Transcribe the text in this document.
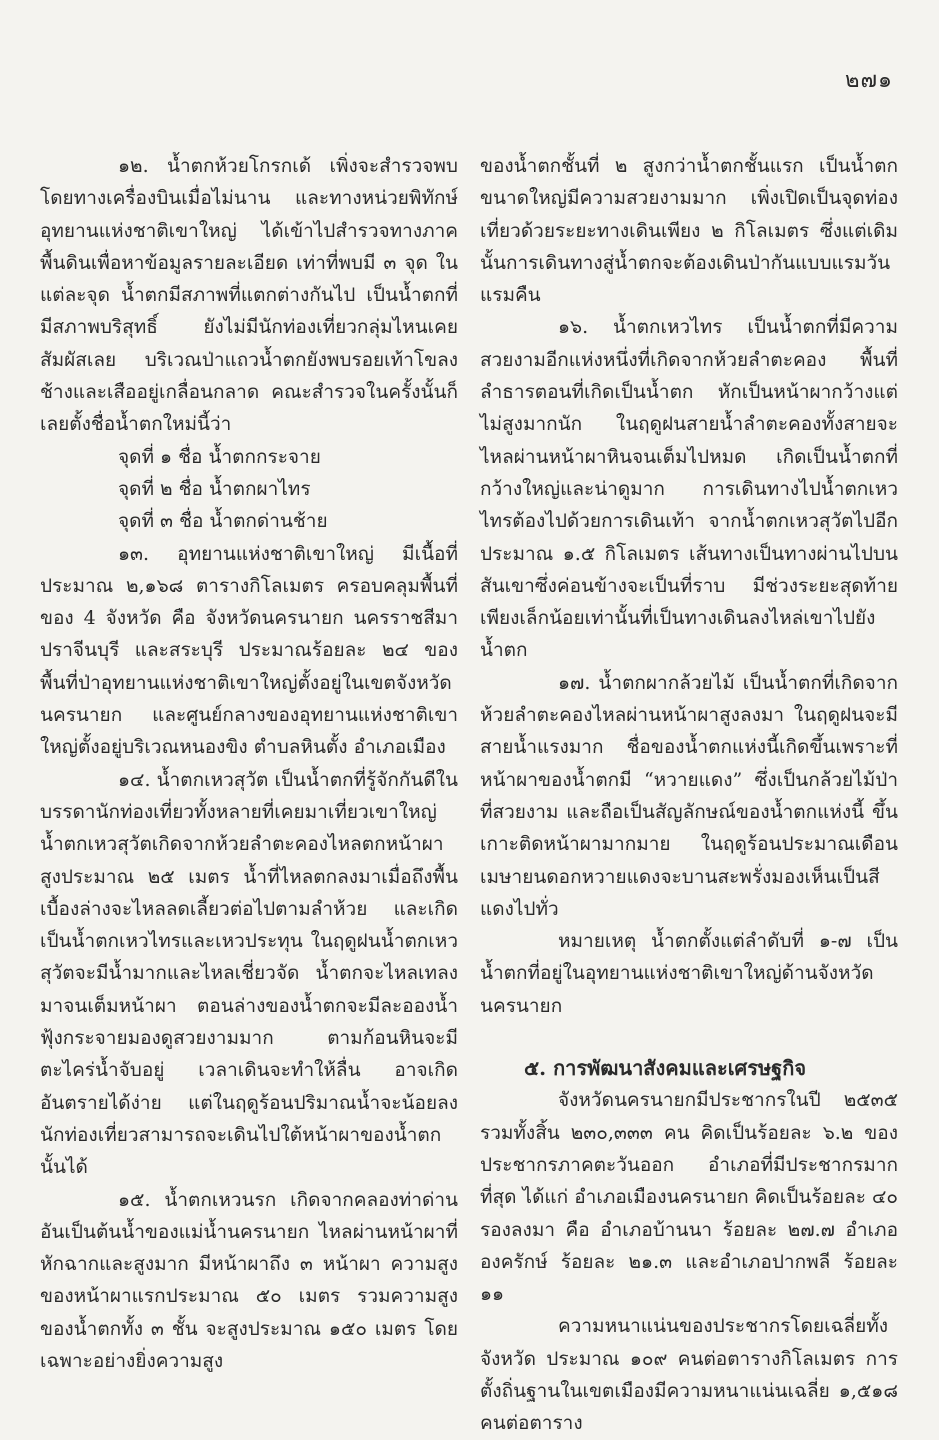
๒๗๑

๑๒. น้ำตกห้วยโกรกเด้ เพิ่งจะสำรวจพบโดยทางเครื่องบินเมื่อไม่นาน และทางหน่วยพิทักษ์อุทยานแห่งชาติเขาใหญ่ ได้เข้าไปสำรวจทางภาคพื้นดินเพื่อหาข้อมูลรายละเอียด เท่าที่พบมี ๓ จุด ในแต่ละจุด น้ำตกมีสภาพที่แตกต่างกันไป เป็นน้ำตกที่มีสภาพบริสุทธิ์ ยังไม่มีนักท่องเที่ยวกลุ่มไหนเคยสัมผัสเลย บริเวณป่าแถวน้ำตกยังพบรอยเท้าโขลงช้างและเสืออยู่เกลื่อนกลาด คณะสำรวจในครั้งนั้นก็เลยตั้งชื่อน้ำตกใหม่นี้ว่า

จุดที่ ๑ ชื่อ น้ำตกกระจาย

จุดที่ ๒ ชื่อ น้ำตกผาไทร

จุดที่ ๓ ชื่อ น้ำตกด่านช้าย

๑๓. อุทยานแห่งชาติเขาใหญ่ มีเนื้อที่ประมาณ ๒,๑๖๘ ตารางกิโลเมตร ครอบคลุมพื้นที่ของ 4 จังหวัด คือ จังหวัดนครนายก นครราชสีมา ปราจีนบุรี และสระบุรี ประมาณร้อยละ ๒๔ ของพื้นที่ป่าอุทยานแห่งชาติเขาใหญ่ตั้งอยู่ในเขตจังหวัดนครนายก และศูนย์กลางของอุทยานแห่งชาติเขาใหญ่ตั้งอยู่บริเวณหนองขิง ตำบลหินตั้ง อำเภอเมือง

๑๔. น้ำตกเหวสุวัต เป็นน้ำตกที่รู้จักกันดีในบรรดานักท่องเที่ยวทั้งหลายที่เคยมาเที่ยวเขาใหญ่ น้ำตกเหวสุวัตเกิดจากห้วยลำตะคองไหลตกหน้าผาสูงประมาณ ๒๕ เมตร น้ำที่ไหลตกลงมาเมื่อถึงพื้นเบื้องล่างจะไหลลดเลี้ยวต่อไปตามลำห้วย และเกิดเป็นน้ำตกเหวไทรและเหวประทุน ในฤดูฝนน้ำตกเหวสุวัตจะมีน้ำมากและไหลเชี่ยวจัด น้ำตกจะไหลเทลงมาจนเต็มหน้าผา ตอนล่างของน้ำตกจะมีละอองน้ำฟุ้งกระจายมองดูสวยงามมาก ตามก้อนหินจะมีตะไคร่น้ำจับอยู่ เวลาเดินจะทำให้ลื่น อาจเกิดอันตรายได้ง่าย แต่ในฤดูร้อนปริมาณน้ำจะน้อยลง นักท่องเที่ยวสามารถจะเดินไปใต้หน้าผาของน้ำตกนั้นได้

๑๕. น้ำตกเหวนรก เกิดจากคลองท่าด่าน อันเป็นต้นน้ำของแม่น้ำนครนายก ไหลผ่านหน้าผาที่หักฉากและสูงมาก มีหน้าผาถึง ๓ หน้าผา ความสูงของหน้าผาแรกประมาณ ๕๐ เมตร รวมความสูงของน้ำตกทั้ง ๓ ชั้น จะสูงประมาณ ๑๕๐ เมตร โดยเฉพาะอย่างยิ่งความสูง

ของน้ำตกชั้นที่ ๒ สูงกว่าน้ำตกชั้นแรก เป็นน้ำตกขนาดใหญ่มีความสวยงามมาก เพิ่งเปิดเป็นจุดท่องเที่ยวด้วยระยะทางเดินเพียง ๒ กิโลเมตร ซึ่งแต่เดิมนั้นการเดินทางสู่น้ำตกจะต้องเดินป่ากันแบบแรมวันแรมคืน

๑๖. น้ำตกเหวไทร เป็นน้ำตกที่มีความสวยงามอีกแห่งหนึ่งที่เกิดจากห้วยลำตะคอง พื้นที่ลำธารตอนที่เกิดเป็นน้ำตก หักเป็นหน้าผากว้างแต่ไม่สูงมากนัก ในฤดูฝนสายน้ำลำตะคองทั้งสายจะไหลผ่านหน้าผาหินจนเต็มไปหมด เกิดเป็นน้ำตกที่กว้างใหญ่และน่าดูมาก การเดินทางไปน้ำตกเหวไทรต้องไปด้วยการเดินเท้า จากน้ำตกเหวสุวัตไปอีกประมาณ ๑.๕ กิโลเมตร เส้นทางเป็นทางผ่านไปบนสันเขาซึ่งค่อนข้างจะเป็นที่ราบ มีช่วงระยะสุดท้ายเพียงเล็กน้อยเท่านั้นที่เป็นทางเดินลงไหล่เขาไปยังน้ำตก

๑๗. น้ำตกผากล้วยไม้ เป็นน้ำตกที่เกิดจากห้วยลำตะคองไหลผ่านหน้าผาสูงลงมา ในฤดูฝนจะมีสายน้ำแรงมาก ชื่อของน้ำตกแห่งนี้เกิดขึ้นเพราะที่หน้าผาของน้ำตกมี “หวายแดง” ซึ่งเป็นกล้วยไม้ป่าที่สวยงาม และถือเป็นสัญลักษณ์ของน้ำตกแห่งนี้ ขึ้นเกาะติดหน้าผามากมาย ในฤดูร้อนประมาณเดือนเมษายนดอกหวายแดงจะบานสะพรั่งมองเห็นเป็นสีแดงไปทั่ว

หมายเหตุ น้ำตกตั้งแต่ลำดับที่ ๑-๗ เป็นน้ำตกที่อยู่ในอุทยานแห่งชาติเขาใหญ่ด้านจังหวัดนครนายก

๕. การพัฒนาสังคมและเศรษฐกิจ

จังหวัดนครนายกมีประชากรในปี ๒๕๓๕ รวมทั้งสิ้น ๒๓๐,๓๓๓ คน คิดเป็นร้อยละ ๖.๒ ของประชากรภาคตะวันออก อำเภอที่มีประชากรมากที่สุด ได้แก่ อำเภอเมืองนครนายก คิดเป็นร้อยละ ๔๐ รองลงมา คือ อำเภอบ้านนา ร้อยละ ๒๗.๗ อำเภอองครักษ์ ร้อยละ ๒๑.๓ และอำเภอปากพลี ร้อยละ ๑๑

ความหนาแน่นของประชากรโดยเฉลี่ยทั้งจังหวัด ประมาณ ๑๐๙ คนต่อตารางกิโลเมตร การตั้งถิ่นฐานในเขตเมืองมีความหนาแน่นเฉลี่ย ๑,๕๑๘ คนต่อตาราง
